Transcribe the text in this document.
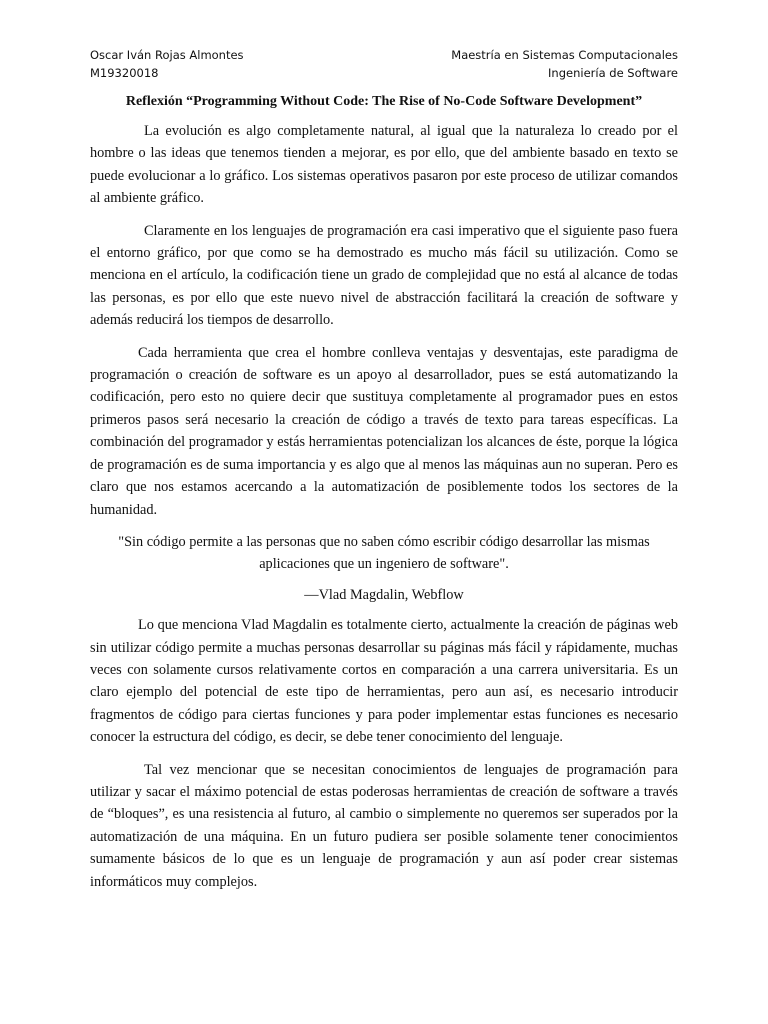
Oscar Iván Rojas Almontes
M19320018
Maestría en Sistemas Computacionales
Ingeniería de Software
Reflexión “Programming Without Code: The Rise of No-Code Software Development”

La evolución es algo completamente natural, al igual que la naturaleza lo creado por el hombre o las ideas que tenemos tienden a mejorar, es por ello, que del ambiente basado en texto se puede evolucionar a lo gráfico. Los sistemas operativos pasaron por este proceso de utilizar comandos al ambiente gráfico.

Claramente en los lenguajes de programación era casi imperativo que el siguiente paso fuera el entorno gráfico, por que como se ha demostrado es mucho más fácil su utilización. Como se menciona en el artículo, la codificación tiene un grado de complejidad que no está al alcance de todas las personas, es por ello que este nuevo nivel de abstracción facilitará la creación de software y además reducirá los tiempos de desarrollo.

Cada herramienta que crea el hombre conlleva ventajas y desventajas, este paradigma de programación o creación de software es un apoyo al desarrollador, pues se está automatizando la codificación, pero esto no quiere decir que sustituya completamente al programador pues en estos primeros pasos será necesario la creación de código a través de texto para tareas específicas. La combinación del programador y estás herramientas potencializan los alcances de éste, porque la lógica de programación es de suma importancia y es algo que al menos las máquinas aun no superan. Pero es claro que nos estamos acercando a la automatización de posiblemente todos los sectores de la humanidad.

"Sin código permite a las personas que no saben cómo escribir código desarrollar las mismas aplicaciones que un ingeniero de software".

—Vlad Magdalin, Webflow

Lo que menciona Vlad Magdalin es totalmente cierto, actualmente la creación de páginas web sin utilizar código permite a muchas personas desarrollar su páginas más fácil y rápidamente, muchas veces con solamente cursos relativamente cortos en comparación a una carrera universitaria. Es un claro ejemplo del potencial de este tipo de herramientas, pero aun así, es necesario introducir fragmentos de código para ciertas funciones y para poder implementar estas funciones es necesario conocer la estructura del código, es decir, se debe tener conocimiento del lenguaje.

Tal vez mencionar que se necesitan conocimientos de lenguajes de programación para utilizar y sacar el máximo potencial de estas poderosas herramientas de creación de software a través de “bloques”, es una resistencia al futuro, al cambio o simplemente no queremos ser superados por la automatización de una máquina. En un futuro pudiera ser posible solamente tener conocimientos sumamente básicos de lo que es un lenguaje de programación y aun así poder crear sistemas informáticos muy complejos.
